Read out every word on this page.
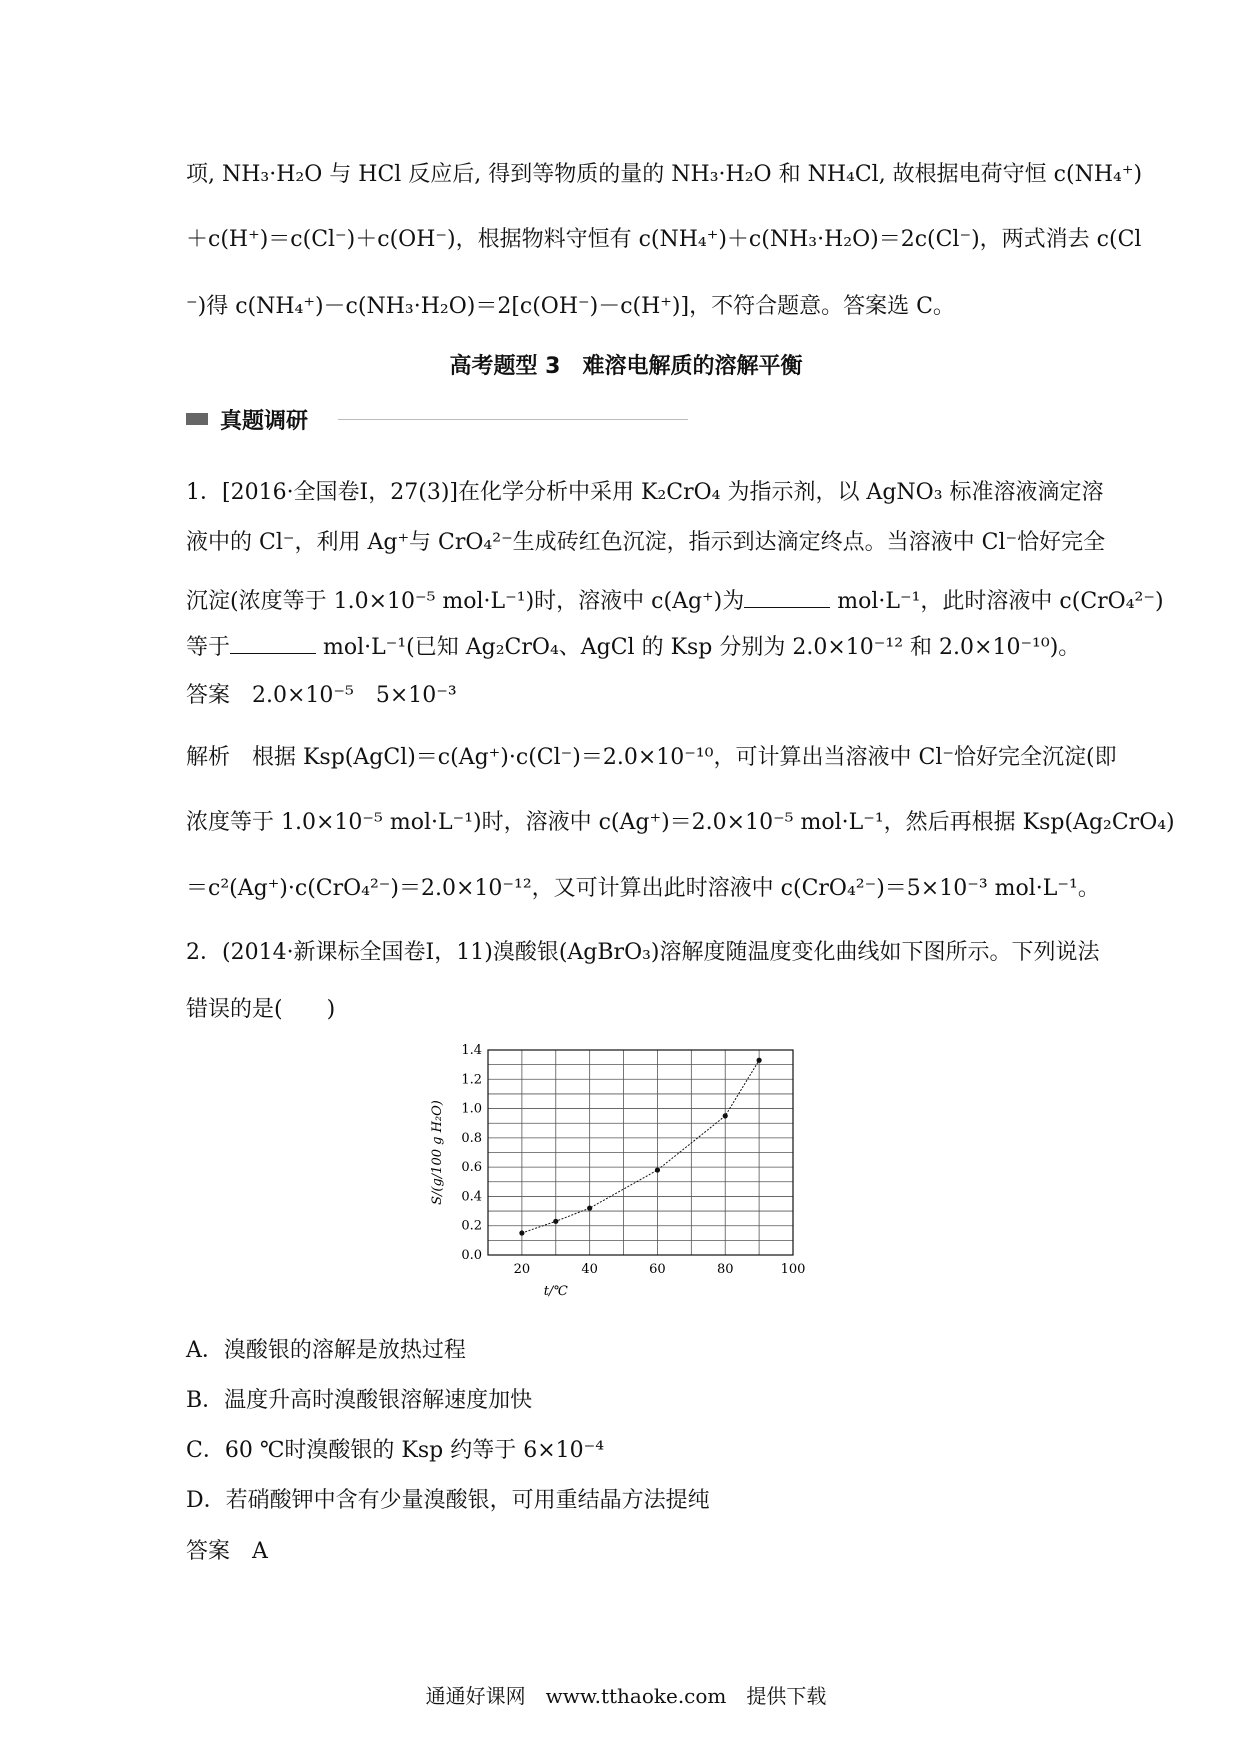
项, NH₃·H₂O 与 HCl 反应后, 得到等物质的量的 NH₃·H₂O 和 NH₄Cl, 故根据电荷守恒 c(NH₄⁺)
＋c(H⁺)＝c(Cl⁻)＋c(OH⁻)，根据物料守恒有 c(NH₄⁺)＋c(NH₃·H₂O)＝2c(Cl⁻)，两式消去 c(Cl
⁻)得 c(NH₄⁺)－c(NH₃·H₂O)＝2[c(OH⁻)－c(H⁺)]，不符合题意。答案选 C。
高考题型 3　难溶电解质的溶解平衡
真题调研
1．[2016·全国卷Ⅰ，27(3)]在化学分析中采用 K₂CrO₄ 为指示剂，以 AgNO₃ 标准溶液滴定溶
液中的 Cl⁻，利用 Ag⁺与 CrO₄²⁻生成砖红色沉淀，指示到达滴定终点。当溶液中 Cl⁻恰好完全
沉淀(浓度等于 1.0×10⁻⁵ mol·L⁻¹)时，溶液中 c(Ag⁺)为	mol·L⁻¹，此时溶液中 c(CrO₄²⁻)
等于	mol·L⁻¹(已知 Ag₂CrO₄、AgCl 的 Ksp 分别为 2.0×10⁻¹² 和 2.0×10⁻¹⁰)。
答案　2.0×10⁻⁵　5×10⁻³
解析　根据 Ksp(AgCl)＝c(Ag⁺)·c(Cl⁻)＝2.0×10⁻¹⁰，可计算出当溶液中 Cl⁻恰好完全沉淀(即
浓度等于 1.0×10⁻⁵ mol·L⁻¹)时，溶液中 c(Ag⁺)＝2.0×10⁻⁵ mol·L⁻¹，然后再根据 Ksp(Ag₂CrO₄)
＝c²(Ag⁺)·c(CrO₄²⁻)＝2.0×10⁻¹²，又可计算出此时溶液中 c(CrO₄²⁻)＝5×10⁻³ mol·L⁻¹。
2．(2014·新课标全国卷Ⅰ，11)溴酸银(AgBrO₃)溶解度随温度变化曲线如下图所示。下列说法
错误的是(　　)
0.0
0.2
0.4
0.6
0.8
1.0
1.2
1.4
20	40	60	80	100
t/℃
S/(g/100 g H₂O)
A．溴酸银的溶解是放热过程
B．温度升高时溴酸银溶解速度加快
C．60 ℃时溴酸银的 Ksp 约等于 6×10⁻⁴
D．若硝酸钾中含有少量溴酸银，可用重结晶方法提纯
答案　A
通通好课网　www.tthaoke.com　提供下载
